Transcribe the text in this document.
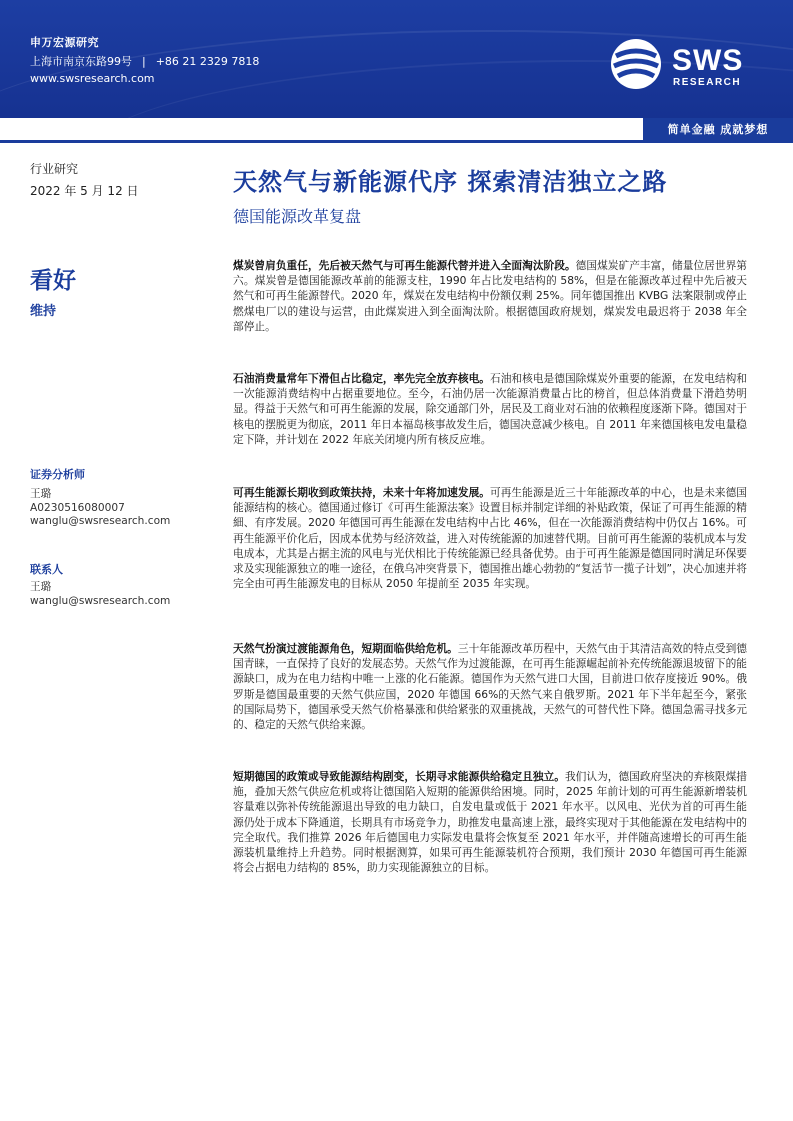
申万宏源研究
上海市南京东路99号 | +86 21 2329 7818
www.swsresearch.com
SWS
RESEARCH
简单金融 成就梦想
行业研究
2022 年 5 月 12 日	天然气与新能源代序 探索清洁独立之路
德国能源改革复盘
看好
维持
证券分析师
王璐
A0230516080007
wanglu@swsresearch.com
联系人
王璐
wanglu@swsresearch.com
煤炭曾肩负重任，先后被天然气与可再生能源代替并进入全面淘汰阶段。德国煤炭矿产丰富，储量位居世界第六。煤炭曾是德国能源改革前的能源支柱，1990 年占比发电结构的 58%，但是在能源改革过程中先后被天然气和可再生能源替代。2020 年，煤炭在发电结构中份额仅剩 25%。同年德国推出 KVBG 法案限制或停止燃煤电厂以的建设与运营，由此煤炭进入到全面淘汰阶。根据德国政府规划，煤炭发电最迟将于 2038 年全部停止。
石油消费量常年下滑但占比稳定，率先完全放弃核电。石油和核电是德国除煤炭外重要的能源，在发电结构和一次能源消费结构中占据重要地位。至今，石油仍居一次能源消费量占比的榜首，但总体消费量下滑趋势明显。得益于天然气和可再生能源的发展，除交通部门外，居民及工商业对石油的依赖程度逐渐下降。德国对于核电的摆脱更为彻底，2011 年日本福岛核事故发生后，德国决意减少核电。自 2011 年来德国核电发电量稳定下降，并计划在 2022 年底关闭境内所有核反应堆。
可再生能源长期收到政策扶持，未来十年将加速发展。可再生能源是近三十年能源改革的中心，也是未来德国能源结构的核心。德国通过修订《可再生能源法案》设置目标并制定详细的补贴政策，保证了可再生能源的精細、有序发展。2020 年德国可再生能源在发电结构中占比 46%，但在一次能源消费结构中仍仅占 16%。可再生能源平价化后，因成本优势与经济效益，进入对传统能源的加速替代期。目前可再生能源的装机成本与发电成本，尤其是占据主流的风电与光伏相比于传统能源已经具备优势。由于可再生能源是德国同时满足环保要求及实现能源独立的唯一途径，在俄乌冲突背景下，德国推出雄心勃勃的“复活节一揽子计划”，决心加速并将完全由可再生能源发电的目标从 2050 年提前至 2035 年实现。
天然气扮演过渡能源角色，短期面临供给危机。三十年能源改革历程中，天然气由于其清洁高效的特点受到德国青睐，一直保持了良好的发展态势。天然气作为过渡能源，在可再生能源崛起前补充传统能源退坡留下的能源缺口，成为在电力结构中唯一上涨的化石能源。德国作为天然气进口大国，目前进口依存度接近 90%。俄罗斯是德国最重要的天然气供应国，2020 年德国 66%的天然气来自俄罗斯。2021 年下半年起至今，紧张的国际局势下，德国承受天然气价格暴涨和供给紧张的双重挑战，天然气的可替代性下降。德国急需寻找多元的、稳定的天然气供给来源。
短期德国的政策或导致能源结构剧变，长期寻求能源供给稳定且独立。我们认为，德国政府坚决的弃核限煤措施，叠加天然气供应危机或将让德国陷入短期的能源供给困境。同时，2025 年前计划的可再生能源新增装机容量难以弥补传统能源退出导致的电力缺口，自发电量或低于 2021 年水平。以风电、光伏为首的可再生能源仍处于成本下降通道，长期具有市场竞争力，助推发电量高速上涨，最终实现对于其他能源在发电结构中的完全取代。我们推算 2026 年后德国电力实际发电量将会恢复至 2021 年水平，并伴随高速增长的可再生能源装机量维持上升趋势。同时根据测算，如果可再生能源装机符合预期，我们预计 2030 年德国可再生能源将会占据电力结构的 85%，助力实现能源独立的目标。
